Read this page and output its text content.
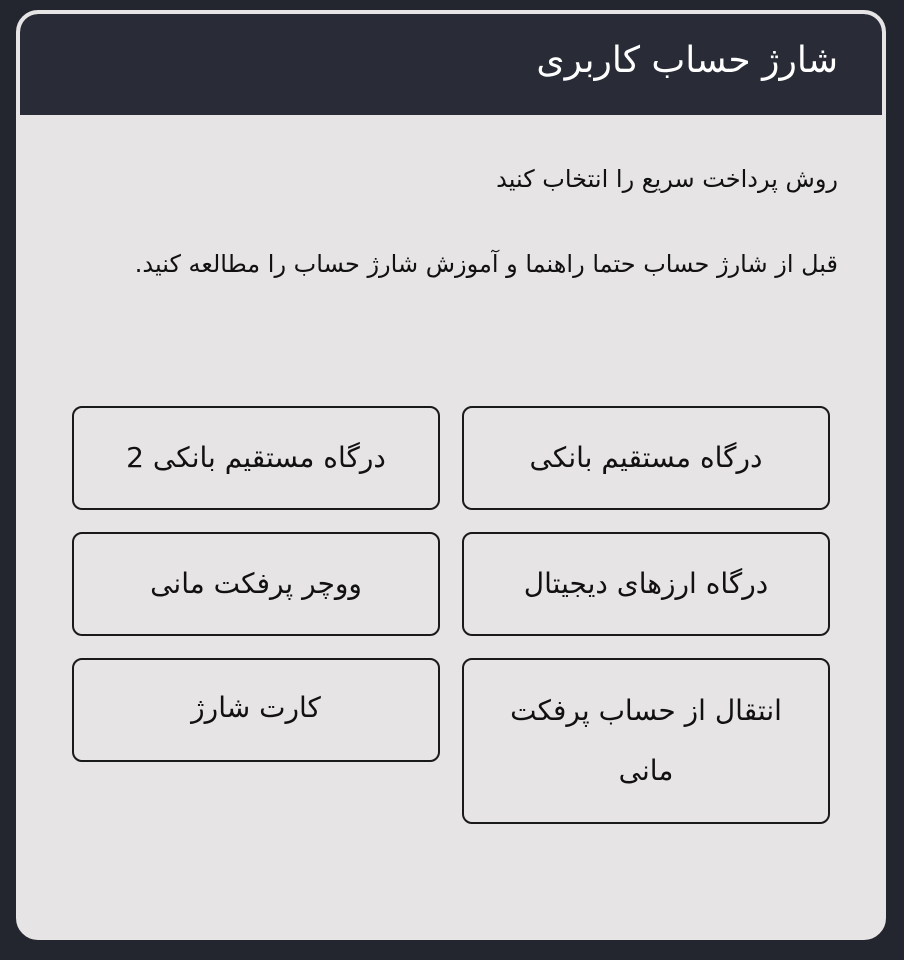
شارژ حساب کاربری
روش پرداخت سریع را انتخاب کنید
قبل از شارژ حساب حتما راهنما و آموزش شارژ حساب را مطالعه کنید.
درگاه مستقیم بانکی
درگاه مستقیم بانکی 2
درگاه ارزهای دیجیتال
ووچر پرفکت مانی
انتقال از حساب پرفکت مانی
کارت شارژ
